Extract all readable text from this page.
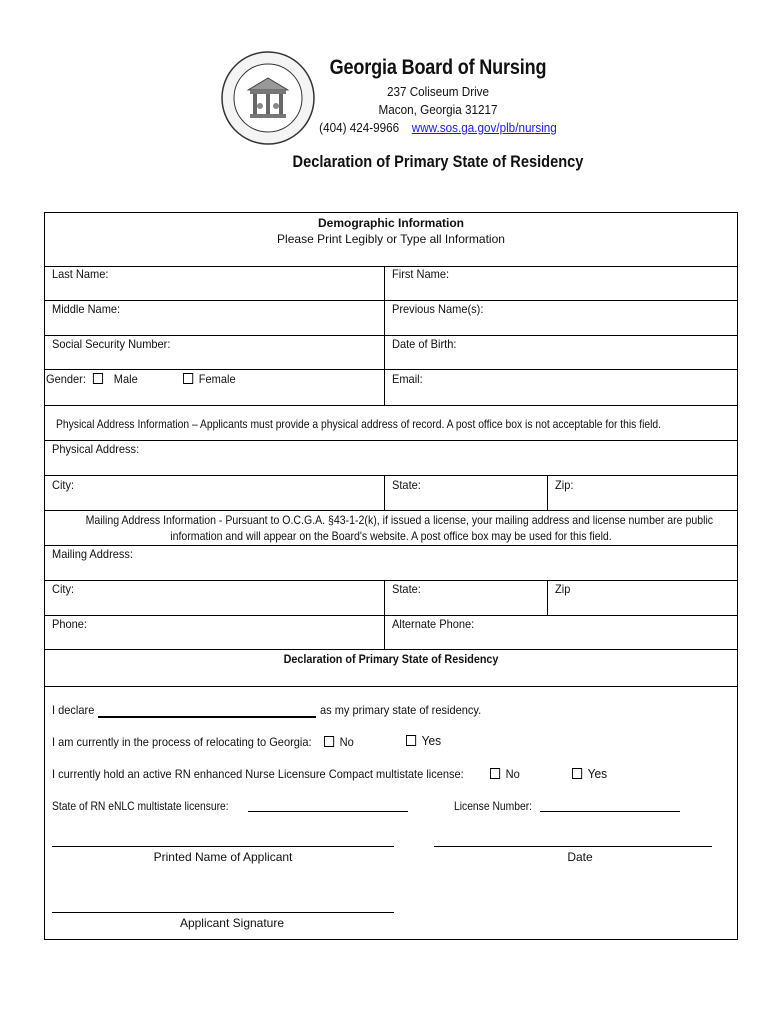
Georgia Board of Nursing
237 Coliseum Drive
Macon, Georgia 31217
(404) 424-9966 www.sos.ga.gov/plb/nursing
Declaration of Primary State of Residency
Demographic Information
Please Print Legibly or Type all Information
Last Name:	First Name:
Middle Name:	Previous Name(s):
Social Security Number:	Date of Birth:
Gender: Male	Female	Email:
Physical Address Information – Applicants must provide a physical address of record. A post office box is not acceptable for this field.
Physical Address:
City:	State:	Zip:
Mailing Address Information - Pursuant to O.C.G.A. §43-1-2(k), if issued a license, your mailing address and license number are public
information and will appear on the Board's website. A post office box may be used for this field.
Mailing Address:
City:	State:	Zip
Phone:	Alternate Phone:
Declaration of Primary State of Residency
I declare	as my primary state of residency.
I am currently in the process of relocating to Georgia:	No	Yes
I currently hold an active RN enhanced Nurse Licensure Compact multistate license:	No	Yes
State of RN eNLC multistate licensure:	License Number:
Printed Name of Applicant	Date
Applicant Signature
